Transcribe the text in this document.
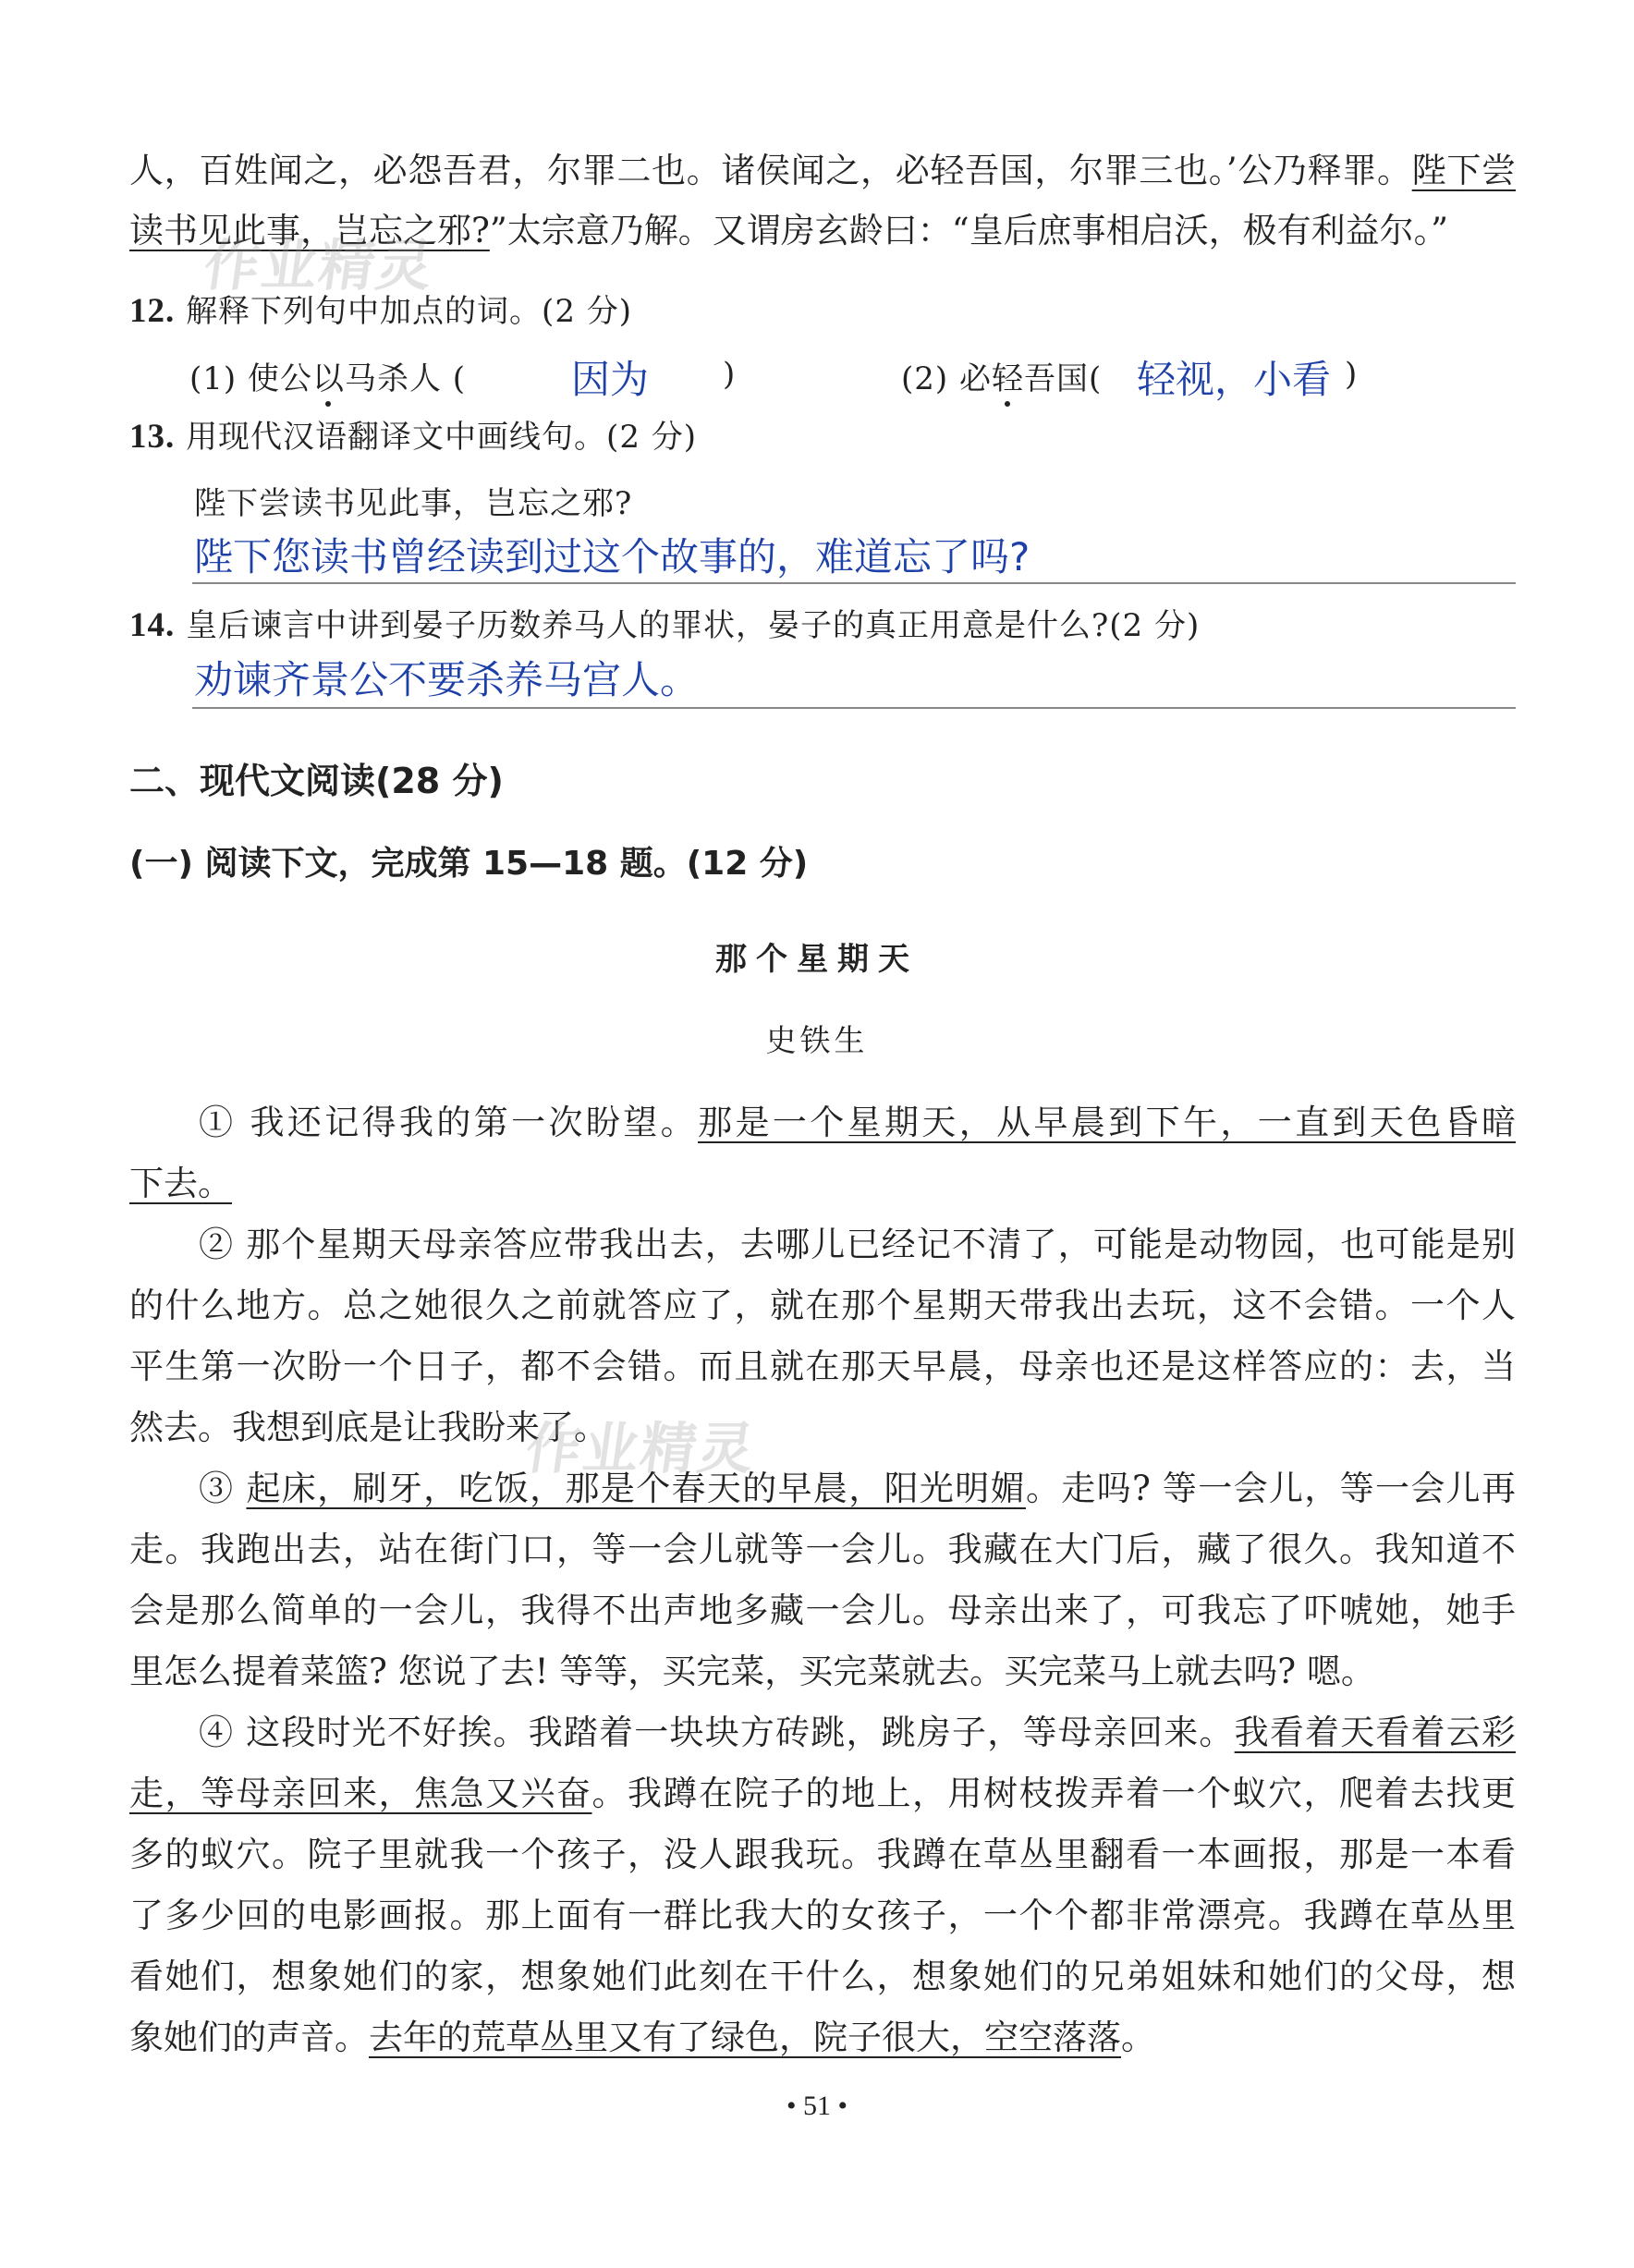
人，百姓闻之，必怨吾君，尔罪二也。诸侯闻之，必轻吾国，尔罪三也。’公乃释罪。陛下尝
读书见此事，岂忘之邪?”太宗意乃解。又谓房玄龄曰：“皇后庶事相启沃，极有利益尔。”
作业精灵
12. 解释下列句中加点的词。(2 分)
(1) 使公以马杀人 (	因为 )	(2) 必轻吾国( 轻视，小看 )
13. 用现代汉语翻译文中画线句。(2 分)
陛下尝读书见此事，岂忘之邪?
陛下您读书曾经读到过这个故事的，难道忘了吗?
14. 皇后谏言中讲到晏子历数养马人的罪状，晏子的真正用意是什么?(2 分)
劝谏齐景公不要杀养马宫人。
二、现代文阅读(28 分)
(一) 阅读下文，完成第 15—18 题。(12 分)
那个星期天
史铁生
① 我还记得我的第一次盼望。那是一个星期天，从早晨到下午，一直到天色昏暗
下去。
② 那个星期天母亲答应带我出去，去哪儿已经记不清了，可能是动物园，也可能是别
的什么地方。总之她很久之前就答应了，就在那个星期天带我出去玩，这不会错。一个人
平生第一次盼一个日子，都不会错。而且就在那天早晨，母亲也还是这样答应的：去，当
然去。我想到底是让我盼来了。
作业精灵
③ 起床，刷牙，吃饭，那是个春天的早晨，阳光明媚。走吗? 等一会儿，等一会儿再
走。我跑出去，站在街门口，等一会儿就等一会儿。我藏在大门后，藏了很久。我知道不
会是那么简单的一会儿，我得不出声地多藏一会儿。母亲出来了，可我忘了吓唬她，她手
里怎么提着菜篮? 您说了去! 等等，买完菜，买完菜就去。买完菜马上就去吗? 嗯。
④ 这段时光不好挨。我踏着一块块方砖跳，跳房子，等母亲回来。我看着天看着云彩
走，等母亲回来，焦急又兴奋。我蹲在院子的地上，用树枝拨弄着一个蚁穴，爬着去找更
多的蚁穴。院子里就我一个孩子，没人跟我玩。我蹲在草丛里翻看一本画报，那是一本看
了多少回的电影画报。那上面有一群比我大的女孩子，一个个都非常漂亮。我蹲在草丛里
看她们，想象她们的家，想象她们此刻在干什么，想象她们的兄弟姐妹和她们的父母，想
象她们的声音。去年的荒草丛里又有了绿色，院子很大，空空落落。
• 51 •
